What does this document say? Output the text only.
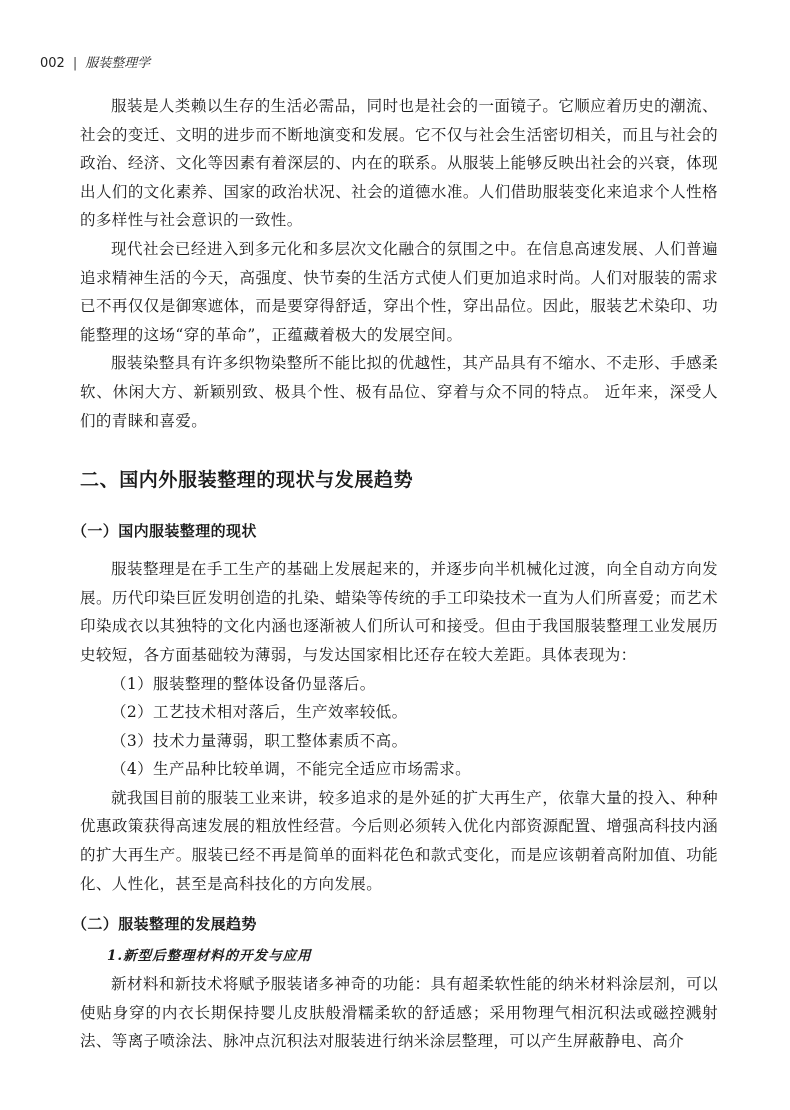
002 | 服装整理学

服装是人类赖以生存的生活必需品，同时也是社会的一面镜子。它顺应着历史的潮流、社会的变迁、文明的进步而不断地演变和发展。它不仅与社会生活密切相关，而且与社会的政治、经济、文化等因素有着深层的、内在的联系。从服装上能够反映出社会的兴衰，体现出人们的文化素养、国家的政治状况、社会的道德水准。人们借助服装变化来追求个人性格的多样性与社会意识的一致性。

现代社会已经进入到多元化和多层次文化融合的氛围之中。在信息高速发展、人们普遍追求精神生活的今天，高强度、快节奏的生活方式使人们更加追求时尚。人们对服装的需求已不再仅仅是御寒遮体，而是要穿得舒适，穿出个性，穿出品位。因此，服装艺术染印、功能整理的这场“穿的革命”，正蕴藏着极大的发展空间。

服装染整具有许多织物染整所不能比拟的优越性，其产品具有不缩水、不走形、手感柔软、休闲大方、新颖别致、极具个性、极有品位、穿着与众不同的特点。 近年来，深受人们的青睐和喜爱。

二、国内外服装整理的现状与发展趋势
（一）国内服装整理的现状

服装整理是在手工生产的基础上发展起来的，并逐步向半机械化过渡，向全自动方向发展。历代印染巨匠发明创造的扎染、蜡染等传统的手工印染技术一直为人们所喜爱；而艺术印染成衣以其独特的文化内涵也逐渐被人们所认可和接受。但由于我国服装整理工业发展历史较短，各方面基础较为薄弱，与发达国家相比还存在较大差距。具体表现为：

（1）服装整理的整体设备仍显落后。

（2）工艺技术相对落后，生产效率较低。

（3）技术力量薄弱，职工整体素质不高。

（4）生产品种比较单调，不能完全适应市场需求。

就我国目前的服装工业来讲，较多追求的是外延的扩大再生产，依靠大量的投入、种种优惠政策获得高速发展的粗放性经营。今后则必须转入优化内部资源配置、增强高科技内涵的扩大再生产。服装已经不再是简单的面料花色和款式变化，而是应该朝着高附加值、功能化、人性化，甚至是高科技化的方向发展。

（二）服装整理的发展趋势
1.新型后整理材料的开发与应用

新材料和新技术将赋予服装诸多神奇的功能：具有超柔软性能的纳米材料涂层剂，可以使贴身穿的内衣长期保持婴儿皮肤般滑糯柔软的舒适感；采用物理气相沉积法或磁控溅射法、等离子喷涂法、脉冲点沉积法对服装进行纳米涂层整理，可以产生屏蔽静电、高介
